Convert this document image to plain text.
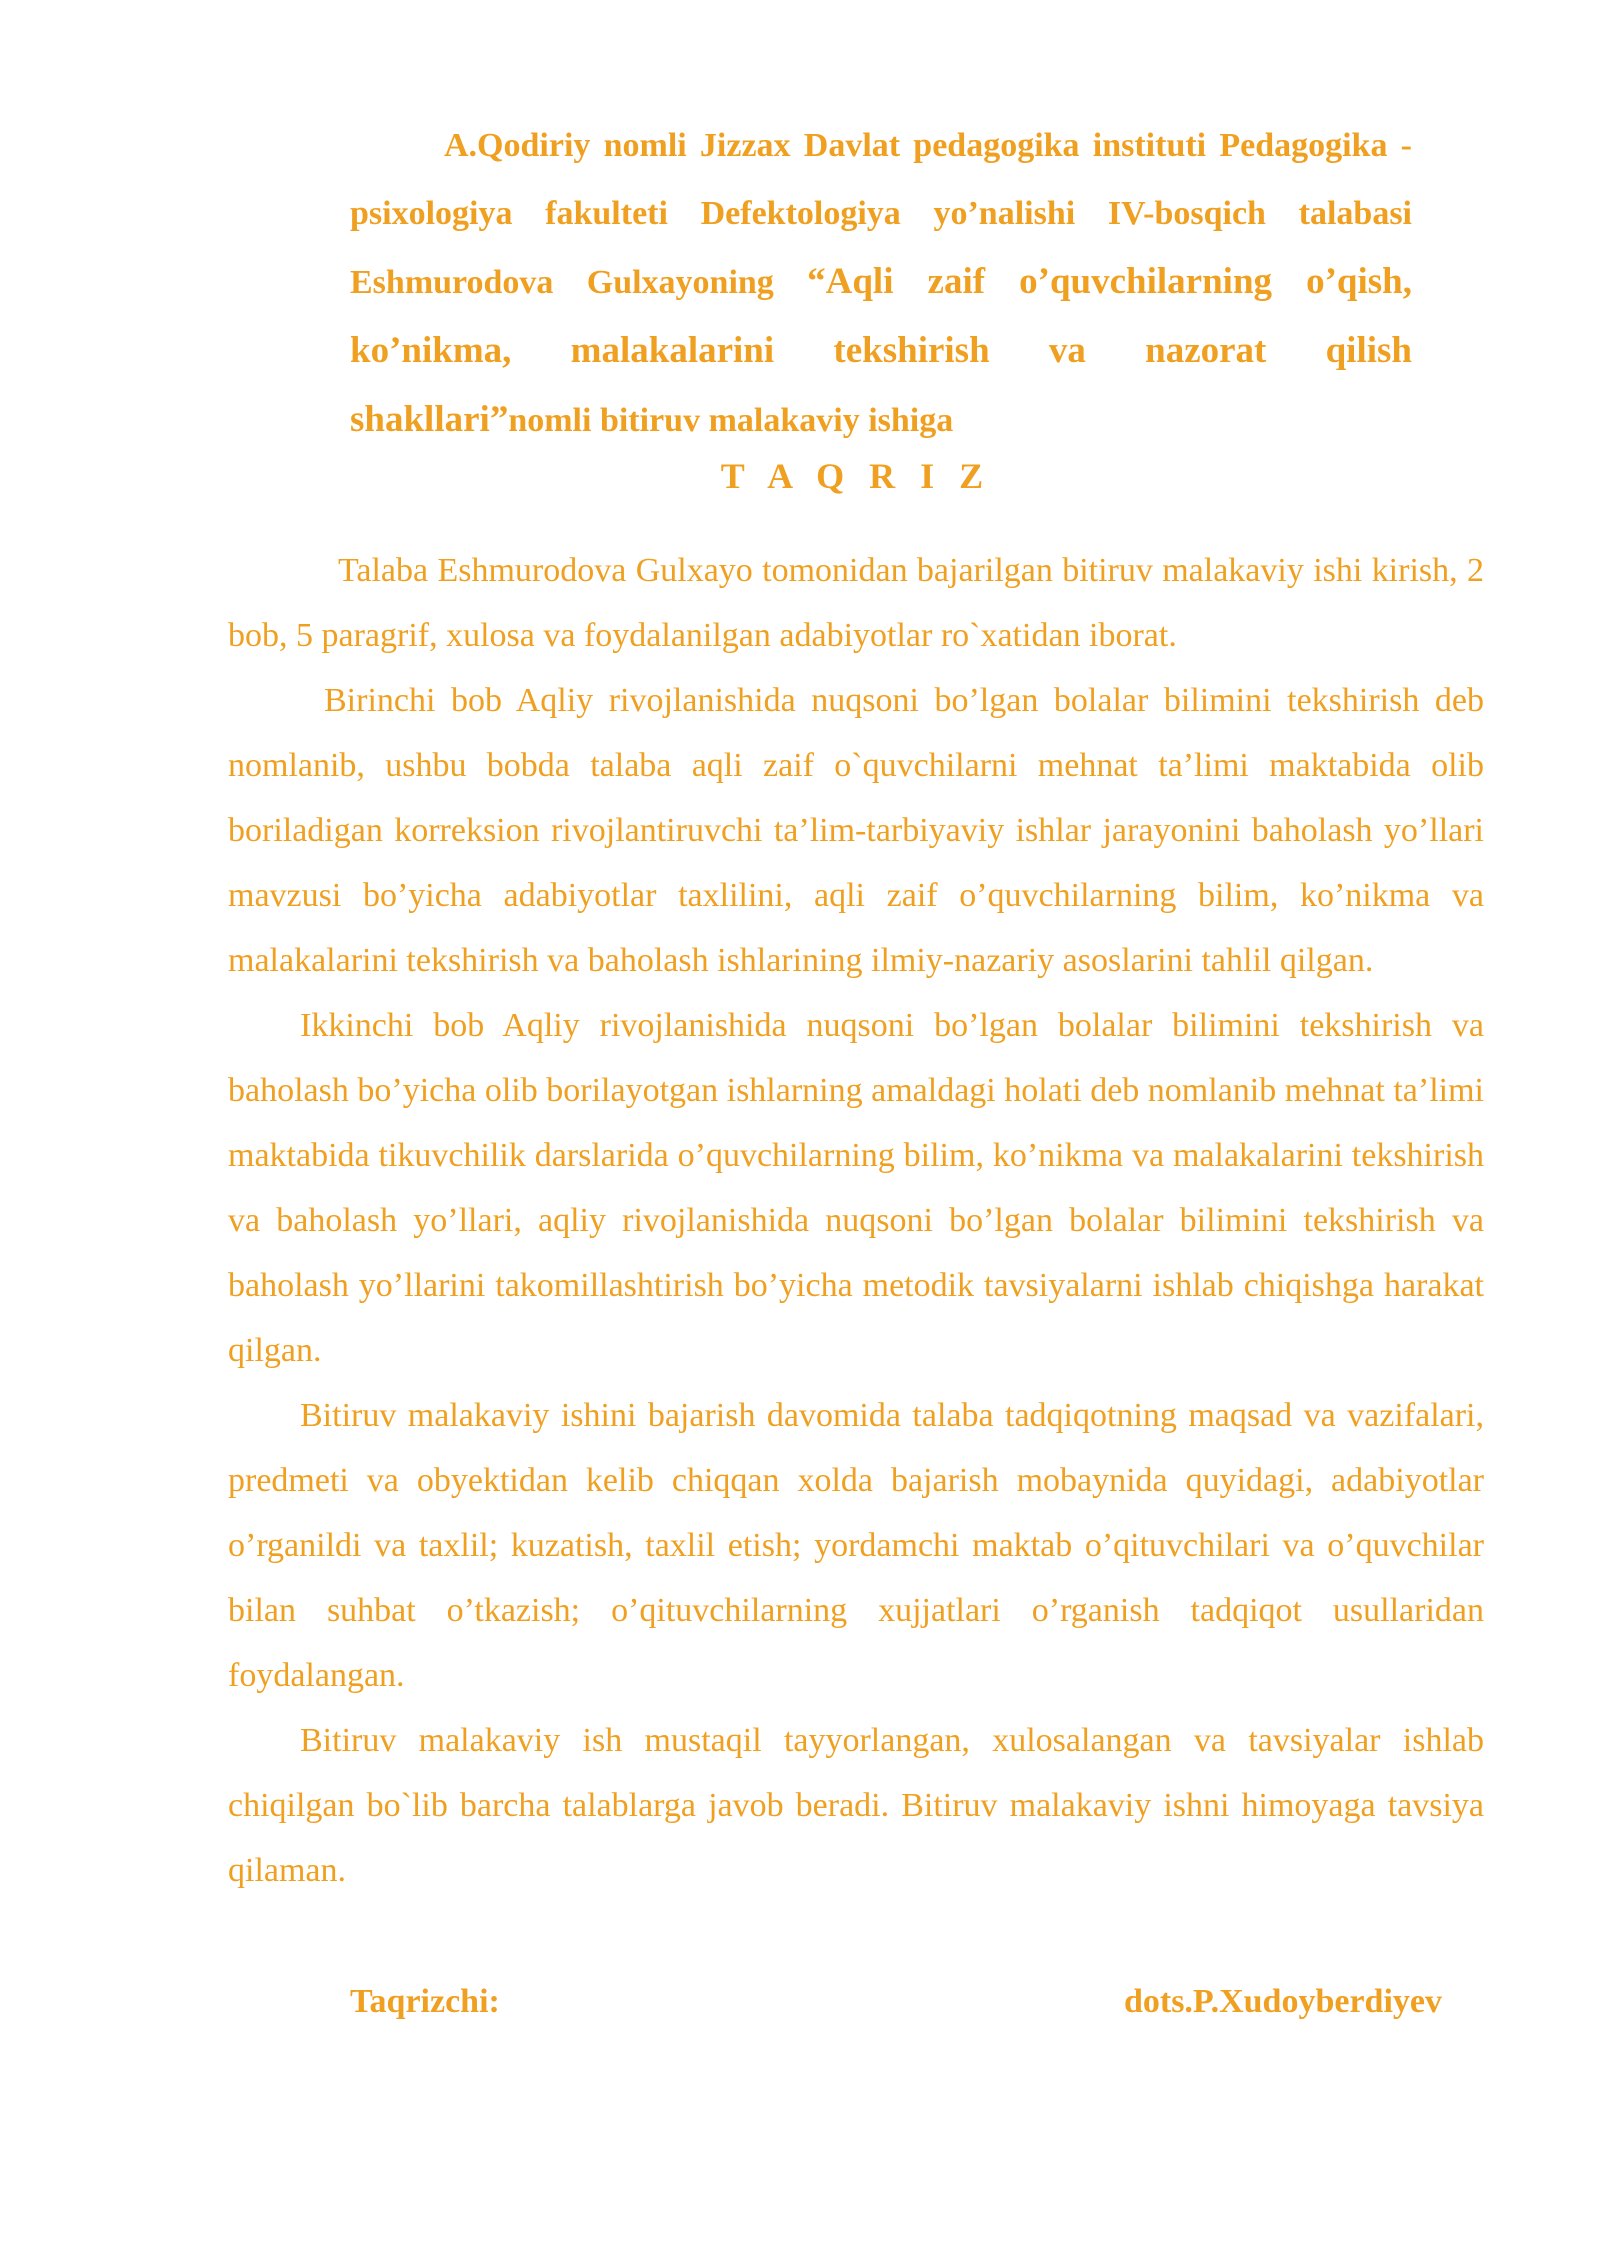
A.Qodiriy nomli Jizzax Davlat pedagogika instituti Pedagogika - psixologiya fakulteti Defektologiya yo’nalishi IV-bosqich talabasi Eshmurodova Gulxayoning “Aqli zaif o’quvchilarning o’qish, ko’nikma, malakalarini tekshirish va nazorat qilish shakllari”nomli bitiruv malakaviy ishiga

T A Q R I Z

Talaba Eshmurodova Gulxayo tomonidan bajarilgan bitiruv malakaviy ishi kirish, 2 bob, 5 paragrif, xulosa va foydalanilgan adabiyotlar ro`xatidan iborat.

Birinchi bob Aqliy rivojlanishida nuqsoni bo’lgan bolalar bilimini tekshirish deb nomlanib, ushbu bobda talaba aqli zaif o`quvchilarni mehnat ta’limi maktabida olib boriladigan korreksion rivojlantiruvchi ta’lim-tarbiyaviy ishlar jarayonini baholash yo’llari mavzusi bo’yicha adabiyotlar taxlilini, aqli zaif o’quvchilarning bilim, ko’nikma va malakalarini tekshirish va baholash ishlarining ilmiy-nazariy asoslarini tahlil qilgan.

Ikkinchi bob Aqliy rivojlanishida nuqsoni bo’lgan bolalar bilimini tekshirish va baholash bo’yicha olib borilayotgan ishlarning amaldagi holati deb nomlanib mehnat ta’limi maktabida tikuvchilik darslarida o’quvchilarning bilim, ko’nikma va malakalarini tekshirish va baholash yo’llari, aqliy rivojlanishida nuqsoni bo’lgan bolalar bilimini tekshirish va baholash yo’llarini takomillashtirish bo’yicha metodik tavsiyalarni ishlab chiqishga harakat qilgan.

Bitiruv malakaviy ishini bajarish davomida talaba tadqiqotning maqsad va vazifalari, predmeti va obyektidan kelib chiqqan xolda bajarish mobaynida quyidagi, adabiyotlar o’rganildi va taxlil; kuzatish, taxlil etish; yordamchi maktab o’qituvchilari va o’quvchilar bilan suhbat o’tkazish; o’qituvchilarning xujjatlari o’rganish tadqiqot usullaridan foydalangan.

Bitiruv malakaviy ish mustaqil tayyorlangan, xulosalangan va tavsiyalar ishlab chiqilgan bo`lib barcha talablarga javob beradi. Bitiruv malakaviy ishni himoyaga tavsiya qilaman.

Taqrizchi:	dots.P.Xudoyberdiyev
